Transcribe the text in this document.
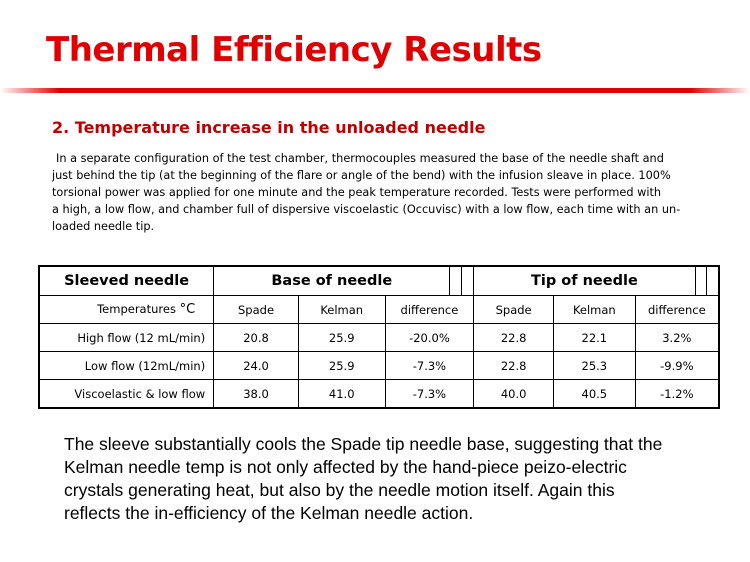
Thermal Efficiency Results
2. Temperature increase in the unloaded needle
In a separate configuration of the test chamber, thermocouples measured the base of the needle shaft and
just behind the tip (at the beginning of the flare or angle of the bend) with the infusion sleave in place. 100%
torsional power was applied for one minute and the peak temperature recorded. Tests were performed with
a high, a low flow, and chamber full of dispersive viscoelastic (Occuvisc) with a low flow, each time with an un-
loaded needle tip.
Sleeved needle	Base of needle					Tip of needle				
Temperatures °C	Spade	Kelman	difference			Spade	Kelman	difference		
High flow (12 mL/min)	20.8	25.9	-20.0%			22.8	22.1	3.2%		
Low flow (12mL/min)	24.0	25.9	-7.3%			22.8	25.3	-9.9%		
Viscoelastic & low flow	38.0	41.0	-7.3%			40.0	40.5	-1.2%		
The sleeve substantially cools the Spade tip needle base, suggesting that the
Kelman needle temp is not only affected by the hand-piece peizo-electric
crystals generating heat, but also by the needle motion itself. Again this
reflects the in-efficiency of the Kelman needle action.
